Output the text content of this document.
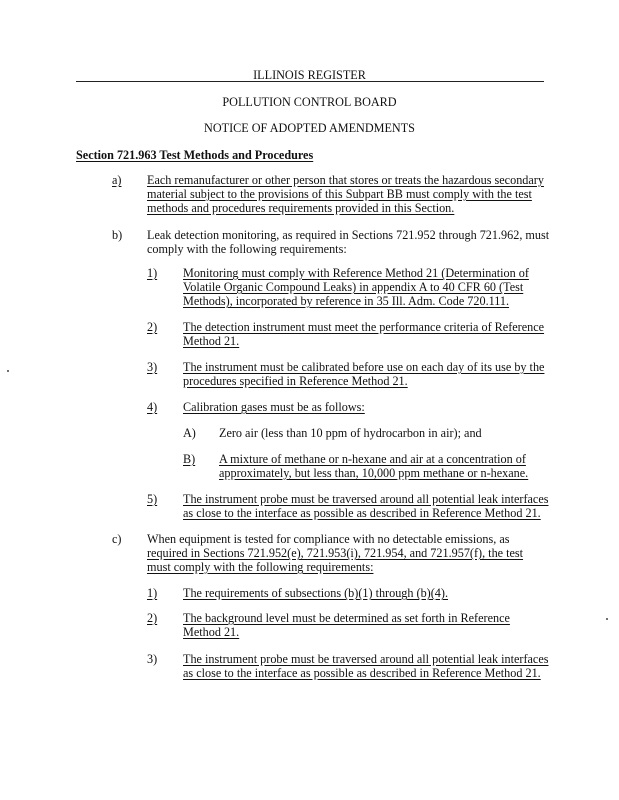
ILLINOIS REGISTER
POLLUTION CONTROL BOARD
NOTICE OF ADOPTED AMENDMENTS
Section 721.963 Test Methods and Procedures
a) Each remanufacturer or other person that stores or treats the hazardous secondary
material subject to the provisions of this Subpart BB must comply with the test
methods and procedures requirements provided in this Section.
b) Leak detection monitoring, as required in Sections 721.952 through 721.962, must
comply with the following requirements:
1) Monitoring must comply with Reference Method 21 (Determination of
Volatile Organic Compound Leaks) in appendix A to 40 CFR 60 (Test
Methods), incorporated by reference in 35 Ill. Adm. Code 720.111.
2) The detection instrument must meet the performance criteria of Reference
Method 21.
3) The instrument must be calibrated before use on each day of its use by the
procedures specified in Reference Method 21.
4) Calibration gases must be as follows:
A) Zero air (less than 10 ppm of hydrocarbon in air); and
B) A mixture of methane or n-hexane and air at a concentration of
approximately, but less than, 10,000 ppm methane or n-hexane.
5) The instrument probe must be traversed around all potential leak interfaces
as close to the interface as possible as described in Reference Method 21.
c) When equipment is tested for compliance with no detectable emissions, as
required in Sections 721.952(e), 721.953(i), 721.954, and 721.957(f), the test
must comply with the following requirements:
1) The requirements of subsections (b)(1) through (b)(4).
2) The background level must be determined as set forth in Reference
Method 21.
3) The instrument probe must be traversed around all potential leak interfaces
as close to the interface as possible as described in Reference Method 21.
